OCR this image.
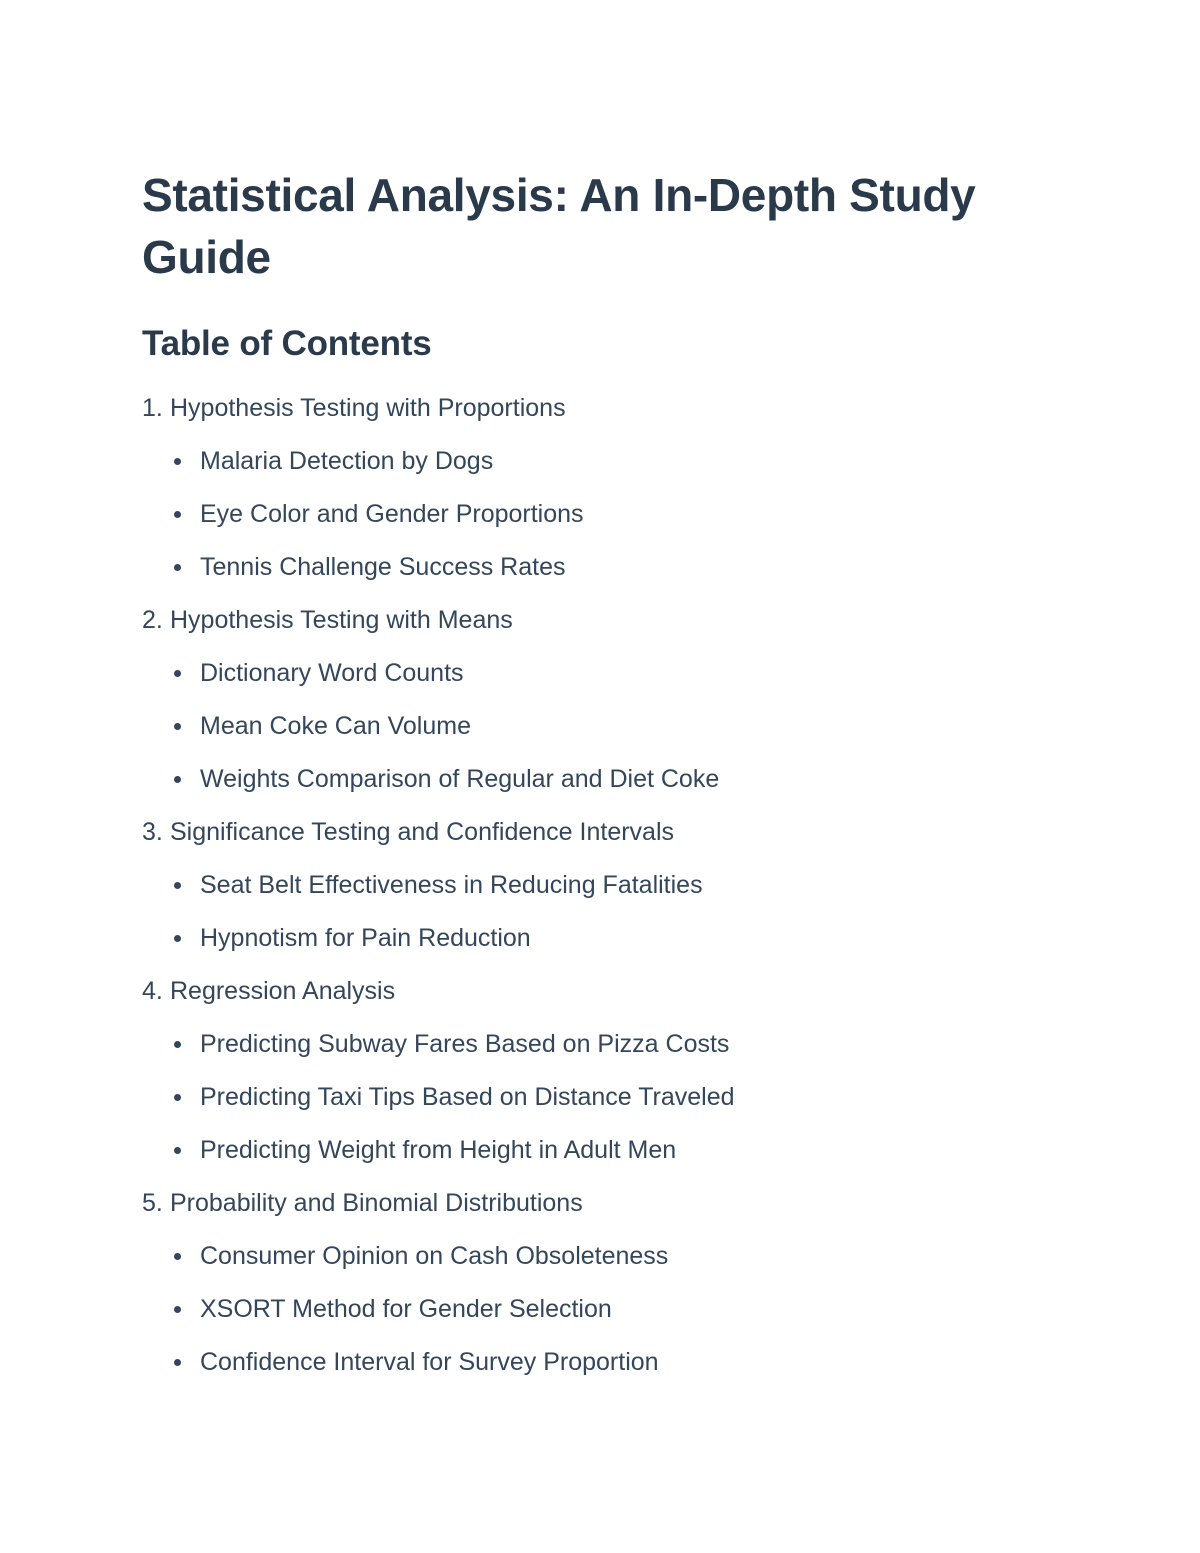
Statistical Analysis: An In-Depth Study Guide
Table of Contents
1. Hypothesis Testing with Proportions
Malaria Detection by Dogs
Eye Color and Gender Proportions
Tennis Challenge Success Rates
2. Hypothesis Testing with Means
Dictionary Word Counts
Mean Coke Can Volume
Weights Comparison of Regular and Diet Coke
3. Significance Testing and Confidence Intervals
Seat Belt Effectiveness in Reducing Fatalities
Hypnotism for Pain Reduction
4. Regression Analysis
Predicting Subway Fares Based on Pizza Costs
Predicting Taxi Tips Based on Distance Traveled
Predicting Weight from Height in Adult Men
5. Probability and Binomial Distributions
Consumer Opinion on Cash Obsoleteness
XSORT Method for Gender Selection
Confidence Interval for Survey Proportion
